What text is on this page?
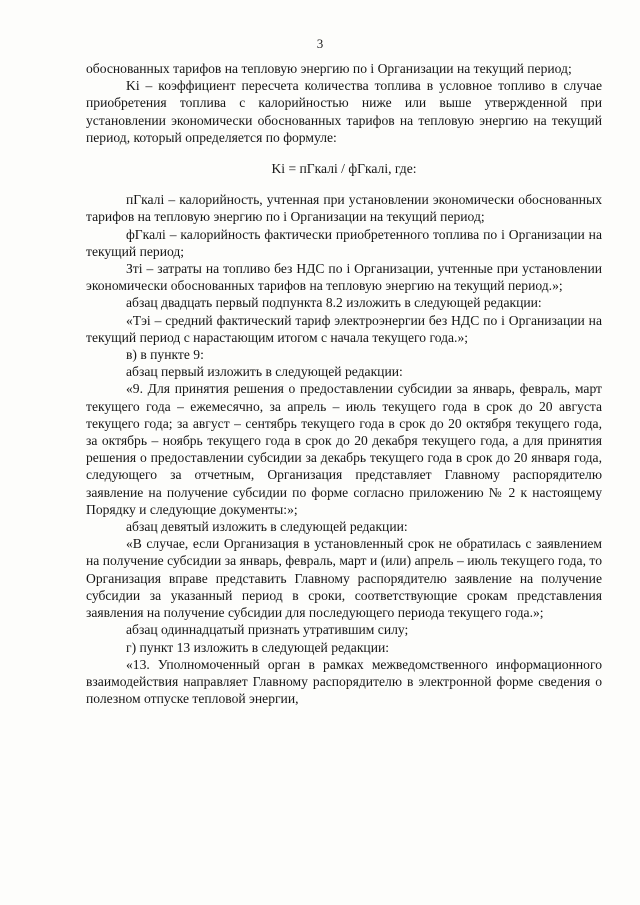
3

обоснованных тарифов на тепловую энергию по i Организации на текущий период;

Ki – коэффициент пересчета количества топлива в условное топливо в случае приобретения топлива с калорийностью ниже или выше утвержденной при установлении экономически обоснованных тарифов на тепловую энергию на текущий период, который определяется по формуле:

Ki = пГкалi / фГкалi, где:

пГкалi – калорийность, учтенная при установлении экономически обоснованных тарифов на тепловую энергию по i Организации на текущий период;

фГкалi – калорийность фактически приобретенного топлива по i Организации на текущий период;

Зтi – затраты на топливо без НДС по i Организации, учтенные при установлении экономически обоснованных тарифов на тепловую энергию на текущий период.»;

абзац двадцать первый подпункта 8.2 изложить в следующей редакции:

«Тэi – средний фактический тариф электроэнергии без НДС по i Организации на текущий период с нарастающим итогом с начала текущего года.»;

в) в пункте 9:

абзац первый изложить в следующей редакции:

«9. Для принятия решения о предоставлении субсидии за январь, февраль, март текущего года – ежемесячно, за апрель – июль текущего года в срок до 20 августа текущего года; за август – сентябрь текущего года в срок до 20 октября текущего года, за октябрь – ноябрь текущего года в срок до 20 декабря текущего года, а для принятия решения о предоставлении субсидии за декабрь текущего года в срок до 20 января года, следующего за отчетным, Организация представляет Главному распорядителю заявление на получение субсидии по форме согласно приложению № 2 к настоящему Порядку и следующие документы:»;

абзац девятый изложить в следующей редакции:

«В случае, если Организация в установленный срок не обратилась с заявлением на получение субсидии за январь, февраль, март и (или) апрель – июль текущего года, то Организация вправе представить Главному распорядителю заявление на получение субсидии за указанный период в сроки, соответствующие срокам представления заявления на получение субсидии для последующего периода текущего года.»;

абзац одиннадцатый признать утратившим силу;

г) пункт 13 изложить в следующей редакции:

«13. Уполномоченный орган в рамках межведомственного информационного взаимодействия направляет Главному распорядителю в электронной форме сведения о полезном отпуске тепловой энергии,
